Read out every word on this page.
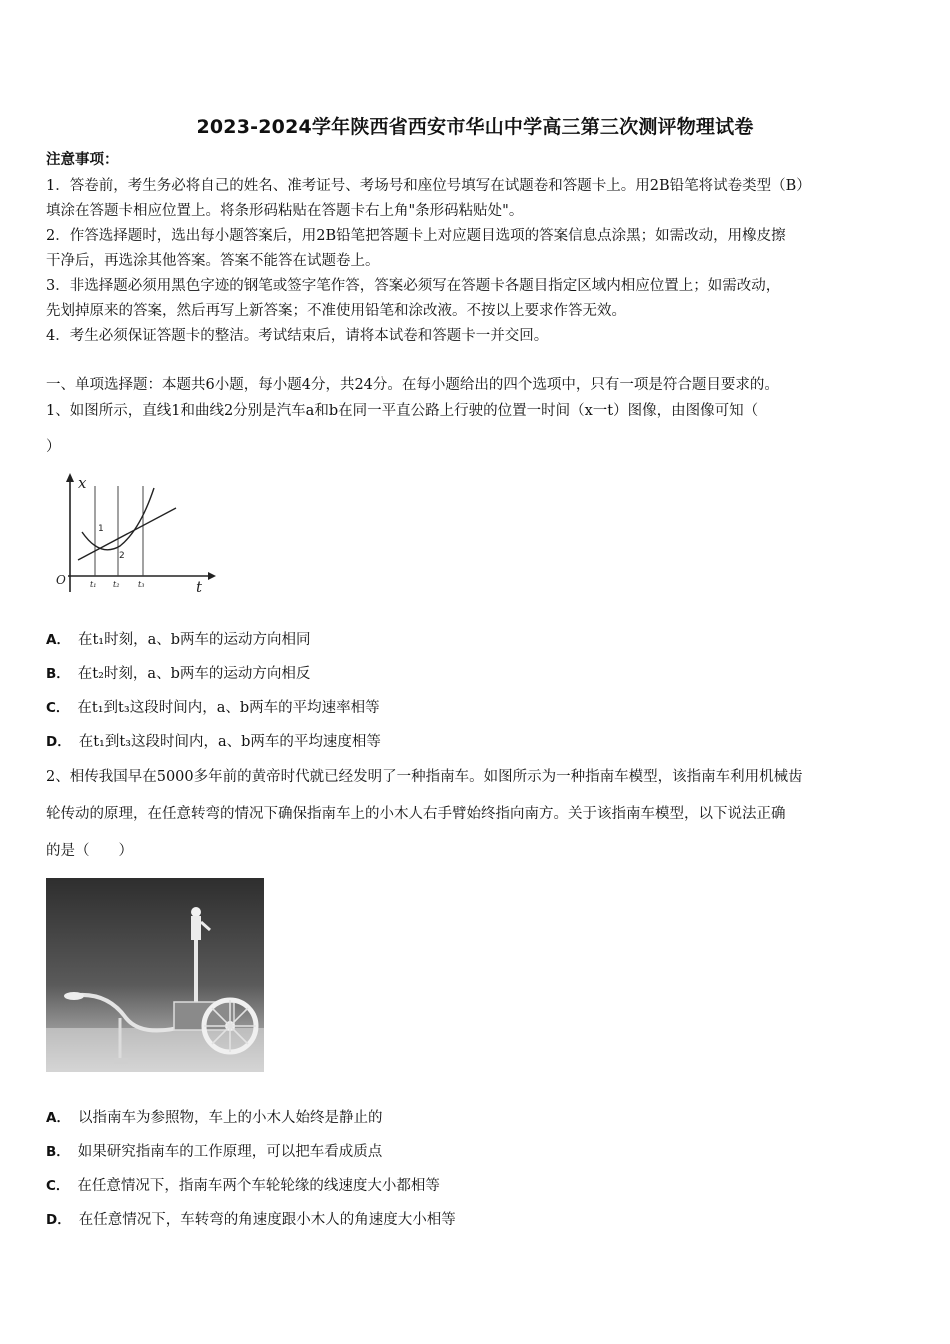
2023-2024学年陕西省西安市华山中学高三第三次测评物理试卷
注意事项：
1．答卷前，考生务必将自己的姓名、准考证号、考场号和座位号填写在试题卷和答题卡上。用2B铅笔将试卷类型（B）
填涂在答题卡相应位置上。将条形码粘贴在答题卡右上角"条形码粘贴处"。
2．作答选择题时，选出每小题答案后，用2B铅笔把答题卡上对应题目选项的答案信息点涂黑；如需改动，用橡皮擦
干净后，再选涂其他答案。答案不能答在试题卷上。
3．非选择题必须用黑色字迹的钢笔或签字笔作答，答案必须写在答题卡各题目指定区域内相应位置上；如需改动，
先划掉原来的答案，然后再写上新答案；不准使用铅笔和涂改液。不按以上要求作答无效。
4．考生必须保证答题卡的整洁。考试结束后，请将本试卷和答题卡一并交回。
一、单项选择题：本题共6小题，每小题4分，共24分。在每小题给出的四个选项中，只有一项是符合题目要求的。
1、如图所示，直线1和曲线2分别是汽车a和b在同一平直公路上行驶的位置一时间（x一t）图像，由图像可知（
）
x
t
O
1
2
t₁ t₂ t₃
A． 在t₁时刻，a、b两车的运动方向相同
B． 在t₂时刻，a、b两车的运动方向相反
C． 在t₁到t₃这段时间内，a、b两车的平均速率相等
D． 在t₁到t₃这段时间内，a、b两车的平均速度相等
2、相传我国早在5000多年前的黄帝时代就已经发明了一种指南车。如图所示为一种指南车模型，该指南车利用机械齿
轮传动的原理，在任意转弯的情况下确保指南车上的小木人右手臂始终指向南方。关于该指南车模型，以下说法正确
的是（　　）
A． 以指南车为参照物，车上的小木人始终是静止的
B． 如果研究指南车的工作原理，可以把车看成质点
C． 在任意情况下，指南车两个车轮轮缘的线速度大小都相等
D． 在任意情况下，车转弯的角速度跟小木人的角速度大小相等
